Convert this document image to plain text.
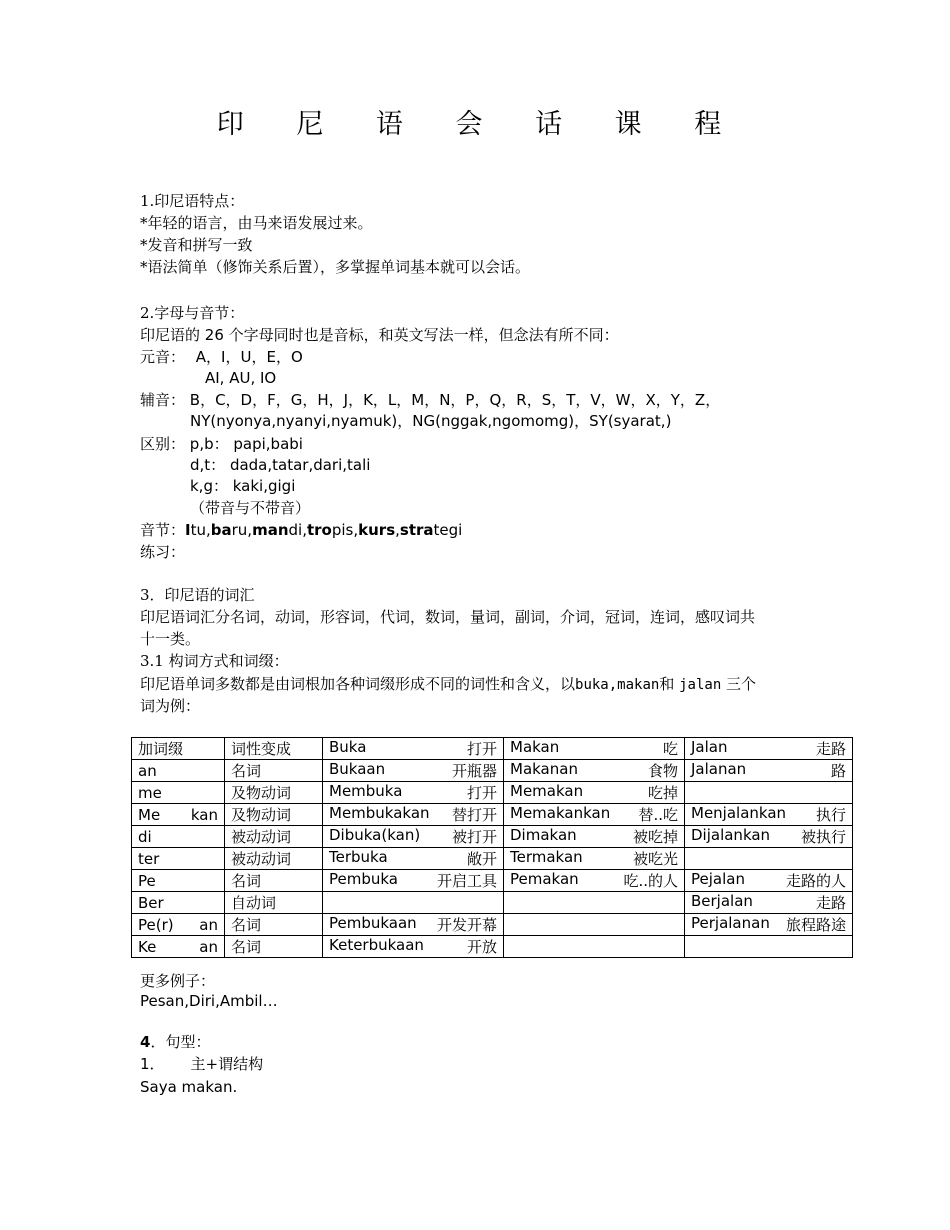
印 尼 语 会 话 课 程
1.印尼语特点：
*年轻的语言，由马来语发展过来。
*发音和拼写一致
*语法简单（修饰关系后置），多掌握单词基本就可以会话。
2.字母与音节：
印尼语的 26 个字母同时也是音标，和英文写法一样，但念法有所不同：
元音： A，I，U，E，O
AI, AU, IO
辅音： B，C，D，F，G，H，J，K，L，M，N，P，Q，R，S，T，V，W，X，Y，Z，
NY(nyonya,nyanyi,nyamuk)，NG(nggak,ngomomg)，SY(syarat,)
区别： p,b： papi,babi
d,t： dada,tatar,dari,tali
k,g： kaki,gigi
（带音与不带音）
音节：Itu,baru,mandi,tropis,kurs,strategi
练习：
3．印尼语的词汇
印尼语词汇分名词，动词，形容词，代词，数词，量词，副词，介词，冠词，连词，感叹词共
十一类。
3.1 构词方式和词缀：
印尼语单词多数都是由词根加各种词缀形成不同的词性和含义，以buka,makan和 jalan 三个
词为例：
加词缀	词性变成	Buka 打开	Makan 吃	Jalan 走路

an	名词	Bukaan 开瓶器	Makanan 食物	Jalanan 路

me	及物动词	Membuka 打开	Memakan 吃掉	

Me kan	及物动词	Membukakan 替打开	Memakankan 替..吃	Menjalankan 执行

di	被动动词	Dibuka(kan) 被打开	Dimakan 被吃掉	Dijalankan 被执行

ter	被动动词	Terbuka 敞开	Termakan 被吃光	

Pe	名词	Pembuka 开启工具	Pemakan 吃..的人	Pejalan 走路的人

Ber	自动词			Berjalan 走路

Pe(r) an	名词	Pembukaan 开发开幕		Perjalanan 旅程路途

Ke an	名词	Keterbukaan 开放		

更多例子：
Pesan,Diri,Ambil…
4．句型：
1． 主+谓结构
Saya makan.
